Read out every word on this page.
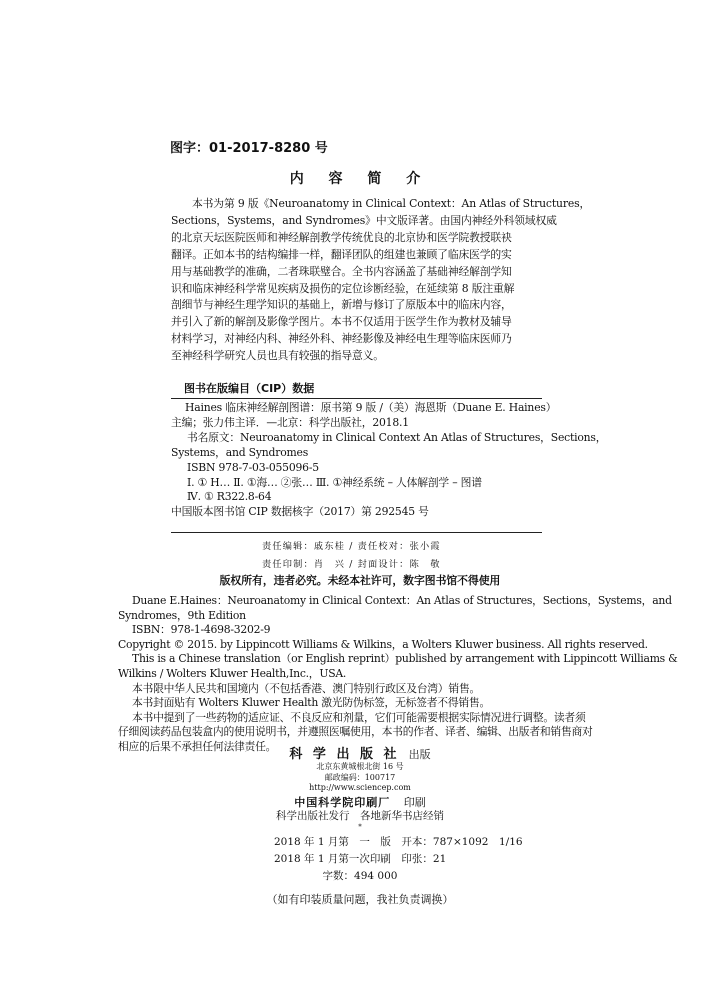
图字：01-2017-8280 号
内 容 简 介
本书为第 9 版《Neuroanatomy in Clinical Context：An Atlas of Structures，
Sections，Systems，and Syndromes》中文版译著。由国内神经外科领域权威
的北京天坛医院医师和神经解剖教学传统优良的北京协和医学院教授联袂
翻译。正如本书的结构编排一样，翻译团队的组建也兼顾了临床医学的实
用与基础教学的准确，二者珠联璧合。全书内容涵盖了基础神经解剖学知
识和临床神经科学常见疾病及损伤的定位诊断经验，在延续第 8 版注重解
剖细节与神经生理学知识的基础上，新增与修订了原版本中的临床内容，
并引入了新的解剖及影像学图片。本书不仅适用于医学生作为教材及辅导
材料学习，对神经内科、神经外科、神经影像及神经电生理等临床医师乃
至神经科学研究人员也具有较强的指导意义。
图书在版编目（CIP）数据
Haines 临床神经解剖图谱：原书第 9 版 /（美）海恩斯（Duane E. Haines）
主编；张力伟主译．—北京：科学出版社，2018.1
书名原文：Neuroanatomy in Clinical Context An Atlas of Structures，Sections，
Systems，and Syndromes
ISBN 978-7-03-055096-5
Ⅰ. ① H… Ⅱ. ①海… ②张… Ⅲ. ①神经系统 – 人体解剖学 – 图谱
Ⅳ. ① R322.8-64
中国版本图书馆 CIP 数据核字（2017）第 292545 号
责任编辑：戚东桂 / 责任校对：张小霞
责任印制：肖　兴 / 封面设计：陈　敬
版权所有，违者必究。未经本社许可，数字图书馆不得使用
Duane E.Haines：Neuroanatomy in Clinical Context：An Atlas of Structures，Sections，Systems，and
Syndromes，9th Edition
ISBN：978-1-4698-3202-9
Copyright © 2015. by Lippincott Williams & Wilkins，a Wolters Kluwer business. All rights reserved.
This is a Chinese translation（or English reprint）published by arrangement with Lippincott Williams &
Wilkins / Wolters Kluwer Health,Inc.，USA.
本书限中华人民共和国境内（不包括香港、澳门特别行政区及台湾）销售。
本书封面贴有 Wolters Kluwer Health 激光防伪标签，无标签者不得销售。
本书中提到了一些药物的适应证、不良反应和剂量，它们可能需要根据实际情况进行调整。读者须
仔细阅读药品包装盒内的使用说明书，并遵照医嘱使用，本书的作者、译者、编辑、出版者和销售商对
相应的后果不承担任何法律责任。
科 学 出 版 社 出版
北京东黄城根北街 16 号
邮政编码：100717
http://www.sciencep.com
中国科学院印刷厂 印刷
科学出版社发行　各地新华书店经销
*
2018 年 1 月第　一　版　开本：787×1092　1/16
2018 年 1 月第一次印刷　印张：21
字数：494 000
（如有印装质量问题，我社负责调换）
